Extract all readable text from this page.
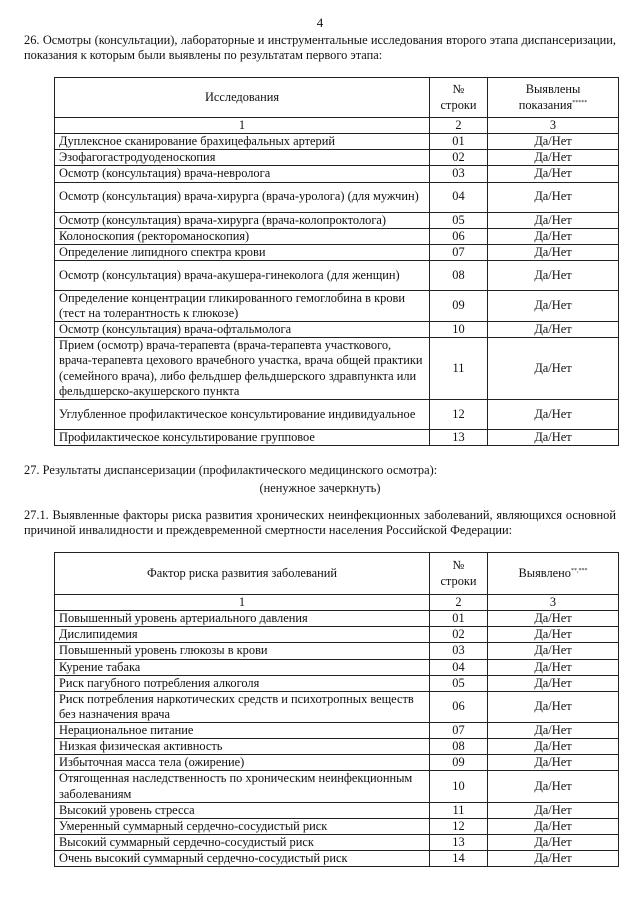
4
26. Осмотры (консультации), лабораторные и инструментальные исследования второго этапа диспансеризации, показания к которым были выявлены по результатам первого этапа:
Исследования	№ строки	Выявлены показания*****
1	2	3
Дуплексное сканирование брахицефальных артерий	01	Да/Нет
Эзофагогастродуоденоскопия	02	Да/Нет
Осмотр (консультация) врача-невролога	03	Да/Нет
Осмотр (консультация) врача-хирурга (врача-уролога) (для мужчин)	04	Да/Нет
Осмотр (консультация) врача-хирурга (врача-колопроктолога)	05	Да/Нет
Колоноскопия (ректороманоскопия)	06	Да/Нет
Определение липидного спектра крови	07	Да/Нет
Осмотр (консультация) врача-акушера-гинеколога (для женщин)	08	Да/Нет
Определение концентрации гликированного гемоглобина в крови (тест на толерантность к глюкозе)	09	Да/Нет
Осмотр (консультация) врача-офтальмолога	10	Да/Нет
Прием (осмотр) врача-терапевта (врача-терапевта участкового, врача-терапевта цехового врачебного участка, врача общей практики (семейного врача), либо фельдшер фельдшерского здравпункта или фельдшерско-акушерского пункта	11	Да/Нет
Углубленное профилактическое консультирование индивидуальное	12	Да/Нет
Профилактическое консультирование групповое	13	Да/Нет
27. Результаты диспансеризации (профилактического медицинского осмотра):
(ненужное зачеркнуть)
27.1. Выявленные факторы риска развития хронических неинфекционных заболеваний, являющихся основной причиной инвалидности и преждевременной смертности населения Российской Федерации:
Фактор риска развития заболеваний	№ строки	Выявлено**,***
1	2	3
Повышенный уровень артериального давления	01	Да/Нет
Дислипидемия	02	Да/Нет
Повышенный уровень глюкозы в крови	03	Да/Нет
Курение табака	04	Да/Нет
Риск пагубного потребления алкоголя	05	Да/Нет
Риск потребления наркотических средств и психотропных веществ без назначения врача	06	Да/Нет
Нерациональное питание	07	Да/Нет
Низкая физическая активность	08	Да/Нет
Избыточная масса тела (ожирение)	09	Да/Нет
Отягощенная наследственность по хроническим неинфекционным заболеваниям	10	Да/Нет
Высокий уровень стресса	11	Да/Нет
Умеренный суммарный сердечно-сосудистый риск	12	Да/Нет
Высокий суммарный сердечно-сосудистый риск	13	Да/Нет
Очень высокий суммарный сердечно-сосудистый риск	14	Да/Нет
